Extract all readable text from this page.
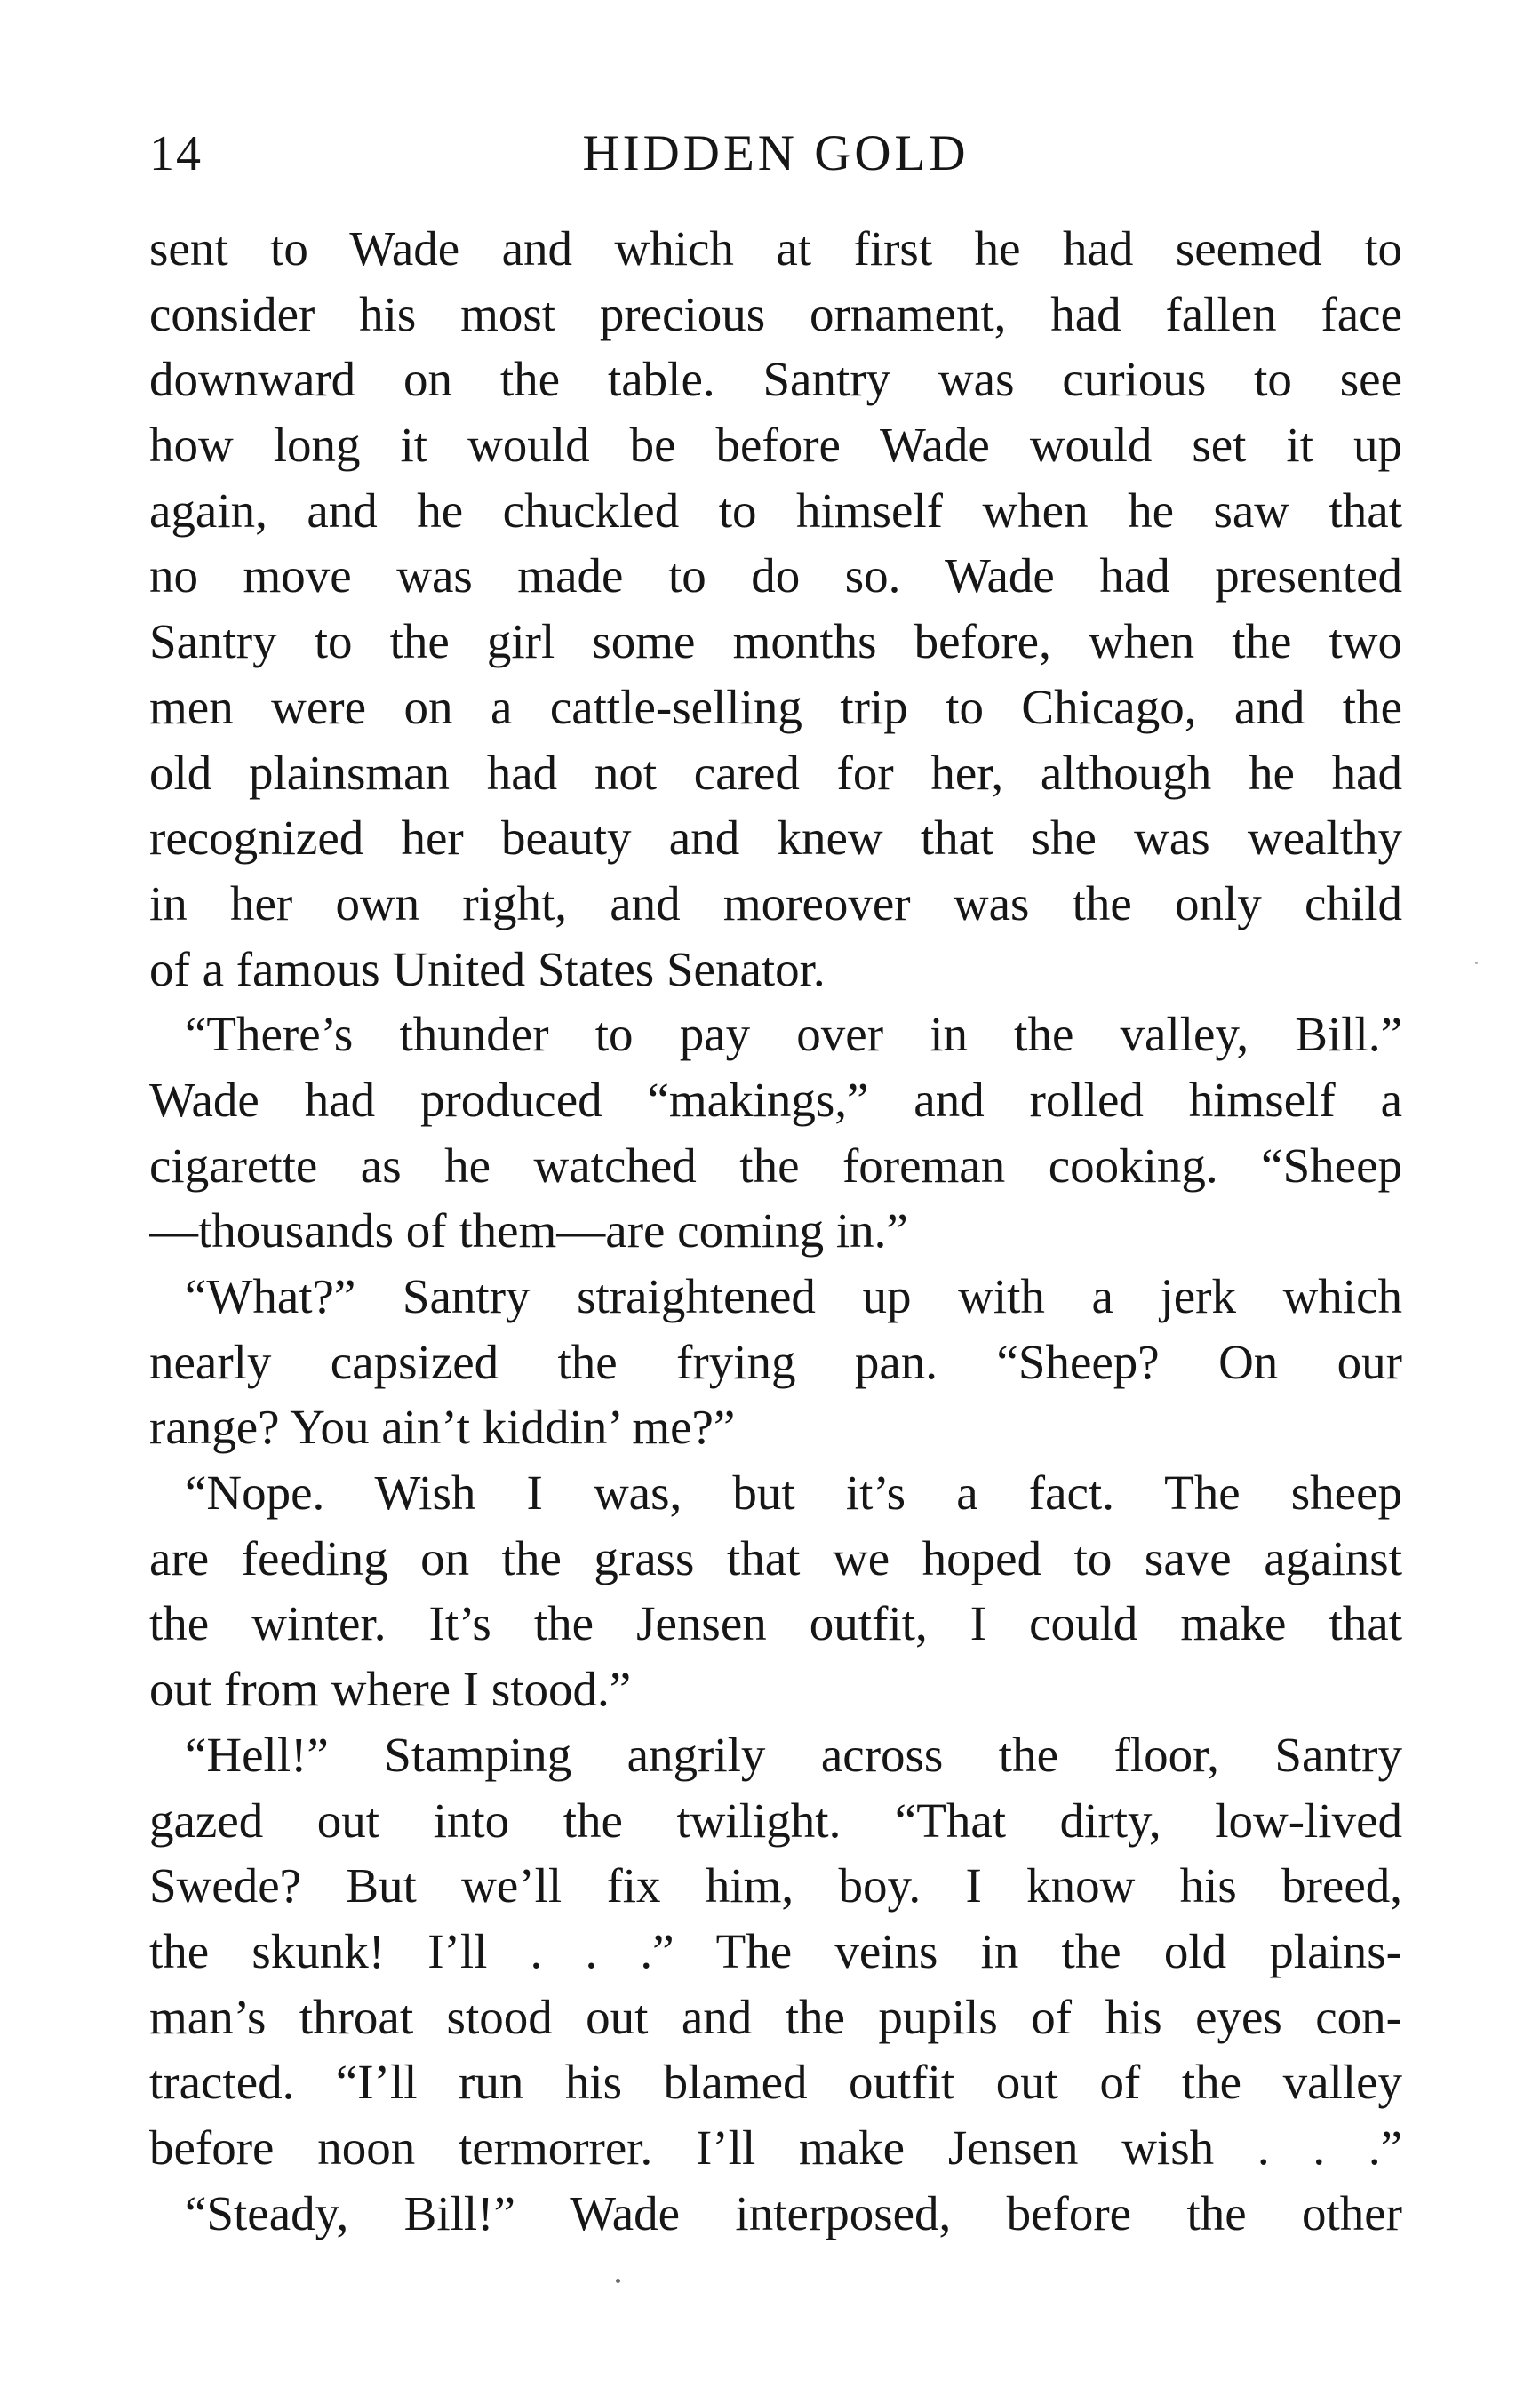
14	HIDDEN GOLD
sent to Wade and which at first he had seemed to
consider his most precious ornament, had fallen face
downward on the table. Santry was curious to see
how long it would be before Wade would set it up
again, and he chuckled to himself when he saw that
no move was made to do so. Wade had presented
Santry to the girl some months before, when the two
men were on a cattle-selling trip to Chicago, and the
old plainsman had not cared for her, although he had
recognized her beauty and knew that she was wealthy
in her own right, and moreover was the only child
of a famous United States Senator.
“There’s thunder to pay over in the valley, Bill.”
Wade had produced “makings,” and rolled himself a
cigarette as he watched the foreman cooking. “Sheep
—thousands of them—are coming in.”
“What?” Santry straightened up with a jerk which
nearly capsized the frying pan. “Sheep? On our
range? You ain’t kiddin’ me?”
“Nope. Wish I was, but it’s a fact. The sheep
are feeding on the grass that we hoped to save against
the winter. It’s the Jensen outfit, I could make that
out from where I stood.”
“Hell!” Stamping angrily across the floor, Santry
gazed out into the twilight. “That dirty, low-lived
Swede? But we’ll fix him, boy. I know his breed,
the skunk! I’ll . . .” The veins in the old plains-
man’s throat stood out and the pupils of his eyes con-
tracted. “I’ll run his blamed outfit out of the valley
before noon termorrer. I’ll make Jensen wish . . .”
“Steady, Bill!” Wade interposed, before the other
